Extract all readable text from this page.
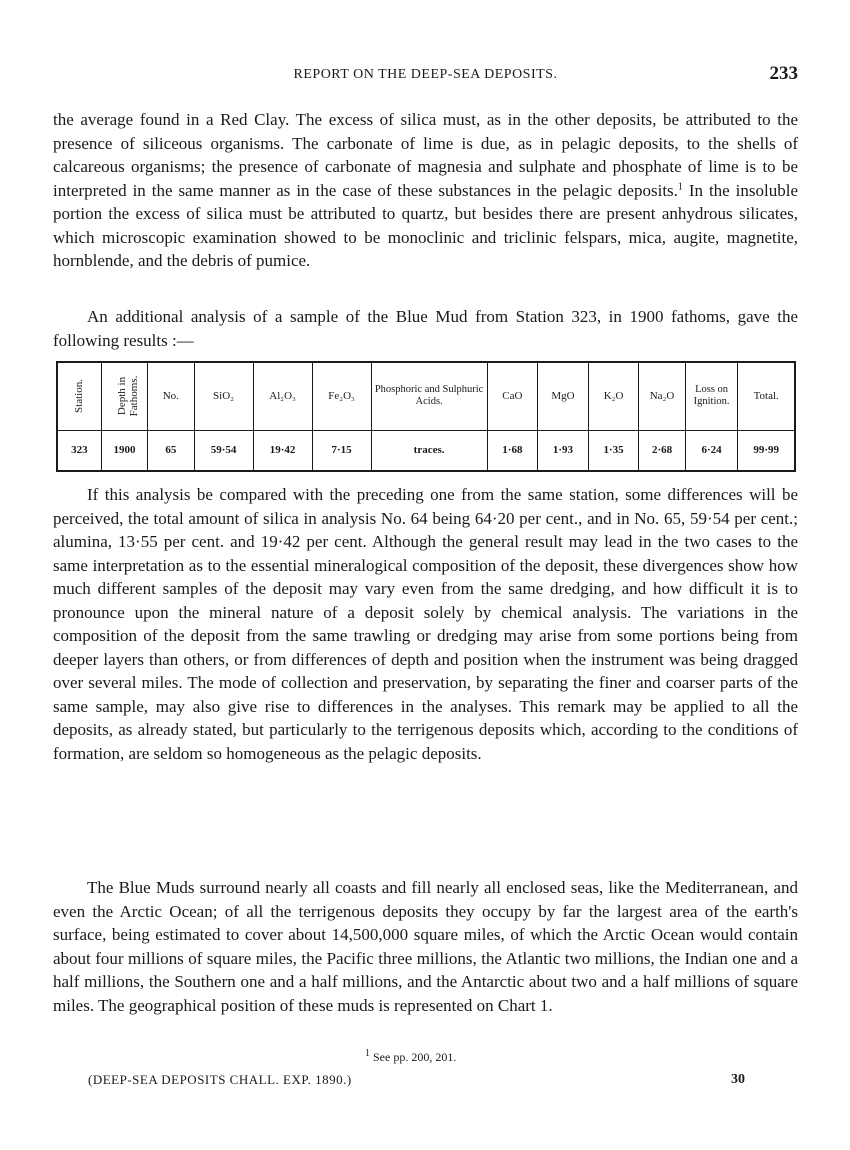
REPORT ON THE DEEP-SEA DEPOSITS.	233

the average found in a Red Clay. The excess of silica must, as in the other deposits, be attributed to the presence of siliceous organisms. The carbonate of lime is due, as in pelagic deposits, to the shells of calcareous organisms; the presence of carbonate of magnesia and sulphate and phosphate of lime is to be interpreted in the same manner as in the case of these substances in the pelagic deposits.$^1$ In the insoluble portion the excess of silica must be attributed to quartz, but besides there are present anhydrous silicates, which microscopic examination showed to be monoclinic and triclinic felspars, mica, augite, magnetite, hornblende, and the debris of pumice.

An additional analysis of a sample of the Blue Mud from Station 323, in 1900 fathoms, gave the following results :—

Station.	Depth in Fathoms.	No.	SiO₂	Al₂O₃	Fe₂O₃	Phosphoric and Sulphuric Acids.	CaO	MgO	K₂O	Na₂O	Loss on Ignition.	Total.
323	1900	65	59·54	19·42	7·15	traces.	1·68	1·93	1·35	2·68	6·24	99·99

If this analysis be compared with the preceding one from the same station, some differences will be perceived, the total amount of silica in analysis No. 64 being 64·20 per cent., and in No. 65, 59·54 per cent.; alumina, 13·55 per cent. and 19·42 per cent. Although the general result may lead in the two cases to the same interpretation as to the essential mineralogical composition of the deposit, these divergences show how much different samples of the deposit may vary even from the same dredging, and how difficult it is to pronounce upon the mineral nature of a deposit solely by chemical analysis. The variations in the composition of the deposit from the same trawling or dredging may arise from some portions being from deeper layers than others, or from differences of depth and position when the instrument was being dragged over several miles. The mode of collection and preservation, by separating the finer and coarser parts of the same sample, may also give rise to differences in the analyses. This remark may be applied to all the deposits, as already stated, but particularly to the terrigenous deposits which, according to the conditions of formation, are seldom so homogeneous as the pelagic deposits.

The Blue Muds surround nearly all coasts and fill nearly all enclosed seas, like the Mediterranean, and even the Arctic Ocean; of all the terrigenous deposits they occupy by far the largest area of the earth's surface, being estimated to cover about 14,500,000 square miles, of which the Arctic Ocean would contain about four millions of square miles, the Pacific three millions, the Atlantic two millions, the Indian one and a half millions, the Southern one and a half millions, and the Antarctic about two and a half millions of square miles. The geographical position of these muds is represented on Chart 1.

$^1$ See pp. 200, 201.
(DEEP-SEA DEPOSITS CHALL. EXP. 1890.)	30
